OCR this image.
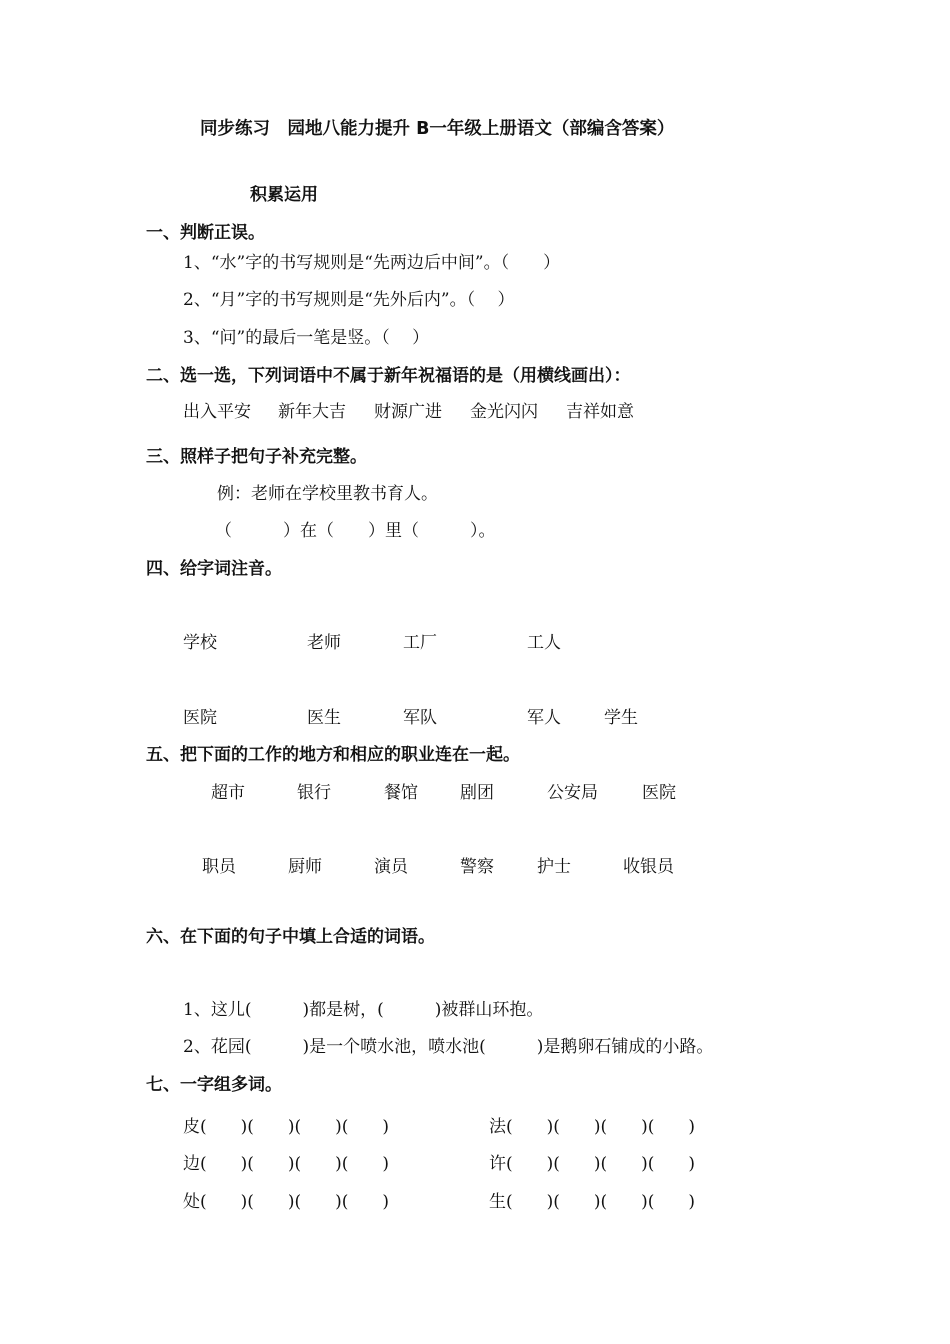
同步练习　园地八能力提升 B一年级上册语文（部编含答案）
积累运用
一、判断正误。
1、“水”字的书写规则是“先两边后中间”。（　　）
2、“月”字的书写规则是“先外后内”。（　 ）
3、“问”的最后一笔是竖。（　 ）
二、选一选，下列词语中不属于新年祝福语的是（用横线画出）：
出入平安 新年大吉 财源广进 金光闪闪 吉祥如意
三、照样子把句子补充完整。
例：老师在学校里教书育人。
（　　　）在（　　）里（　　　）。
四、给字词注音。
学校	老师	工厂	工人
医院	医生	军队	军人	学生
五、把下面的工作的地方和相应的职业连在一起。
超市	银行	餐馆 剧团	公安局	医院
职员	厨师	演员	警察	护士	收银员
六、在下面的句子中填上合适的词语。
1、这儿(　　　)都是树，(　　　)被群山环抱。
2、花园(　　　)是一个喷水池，喷水池(　　　)是鹅卵石铺成的小路。
七、一字组多词。
皮 (　　)(　　)(　　)(　　)	法 (　　)(　　)(　　)(　　)
边 (　　)(　　)(　　)(　　)	许 (　　)(　　)(　　)(　　)
处 (　　)(　　)(　　)(　　)	生 (　　)(　　)(　　)(　　)
